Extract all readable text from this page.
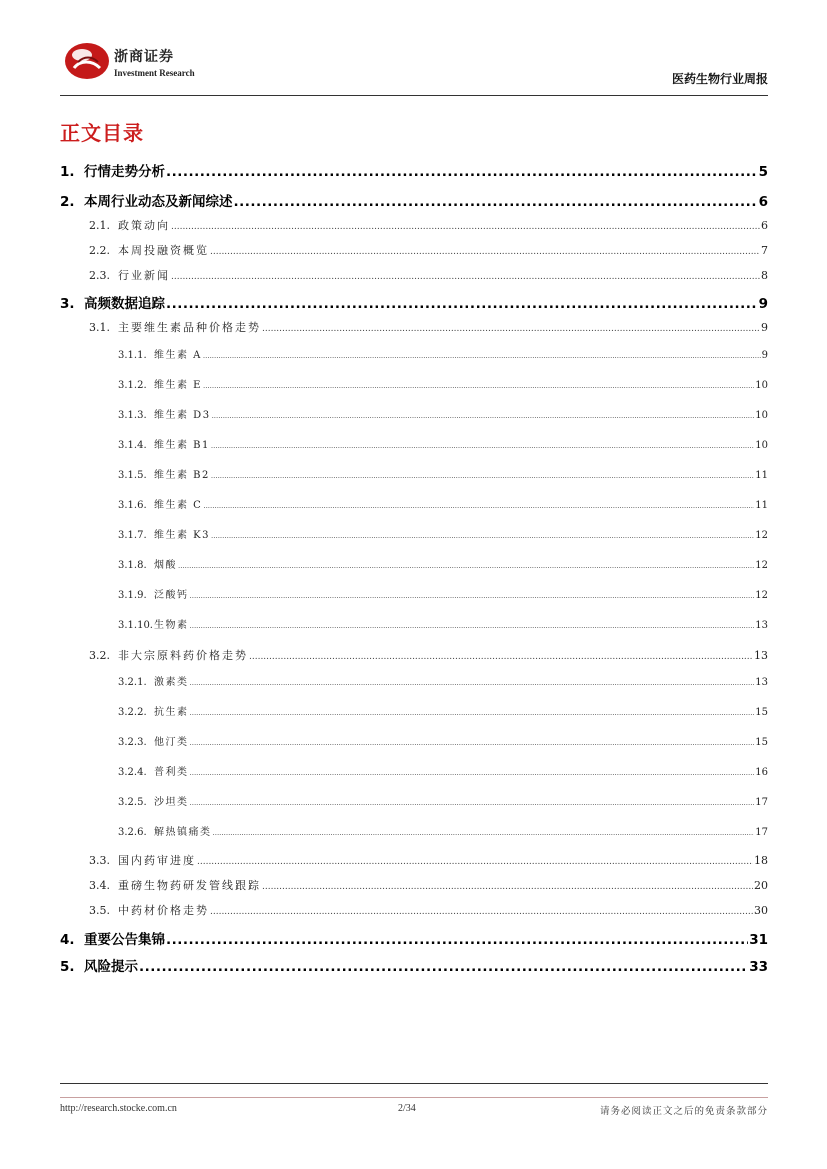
浙商证券
Investment Research	医药生物行业周报
正文目录
1. 行情走势分析 .....	5
2. 本周行业动态及新闻综述 .....	6
2.1. 政策动向 .....	6
2.2. 本周投融资概览 .....	7
2.3. 行业新闻 .....	8
3. 高频数据追踪 .....	9
3.1. 主要维生素品种价格走势 .....	9
3.1.1. 维生素 A .....	9
3.1.2. 维生素 E .....	10
3.1.3. 维生素 D3 .....	10
3.1.4. 维生素 B1 .....	10
3.1.5. 维生素 B2 .....	11
3.1.6. 维生素 C .....	11
3.1.7. 维生素 K3 .....	12
3.1.8. 烟酸 .....	12
3.1.9. 泛酸钙 .....	12
3.1.10. 生物素 .....	13
3.2. 非大宗原料药价格走势 .....	13
3.2.1. 激素类 .....	13
3.2.2. 抗生素 .....	15
3.2.3. 他汀类 .....	15
3.2.4. 普利类 .....	16
3.2.5. 沙坦类 .....	17
3.2.6. 解热镇痛类 .....	17
3.3. 国内药审进度 .....	18
3.4. 重磅生物药研发管线跟踪 .....	20
3.5. 中药材价格走势 .....	30
4. 重要公告集锦 .....	31
5. 风险提示 .....	33
http://research.stocke.com.cn	2/34	请务必阅读正文之后的免责条款部分
